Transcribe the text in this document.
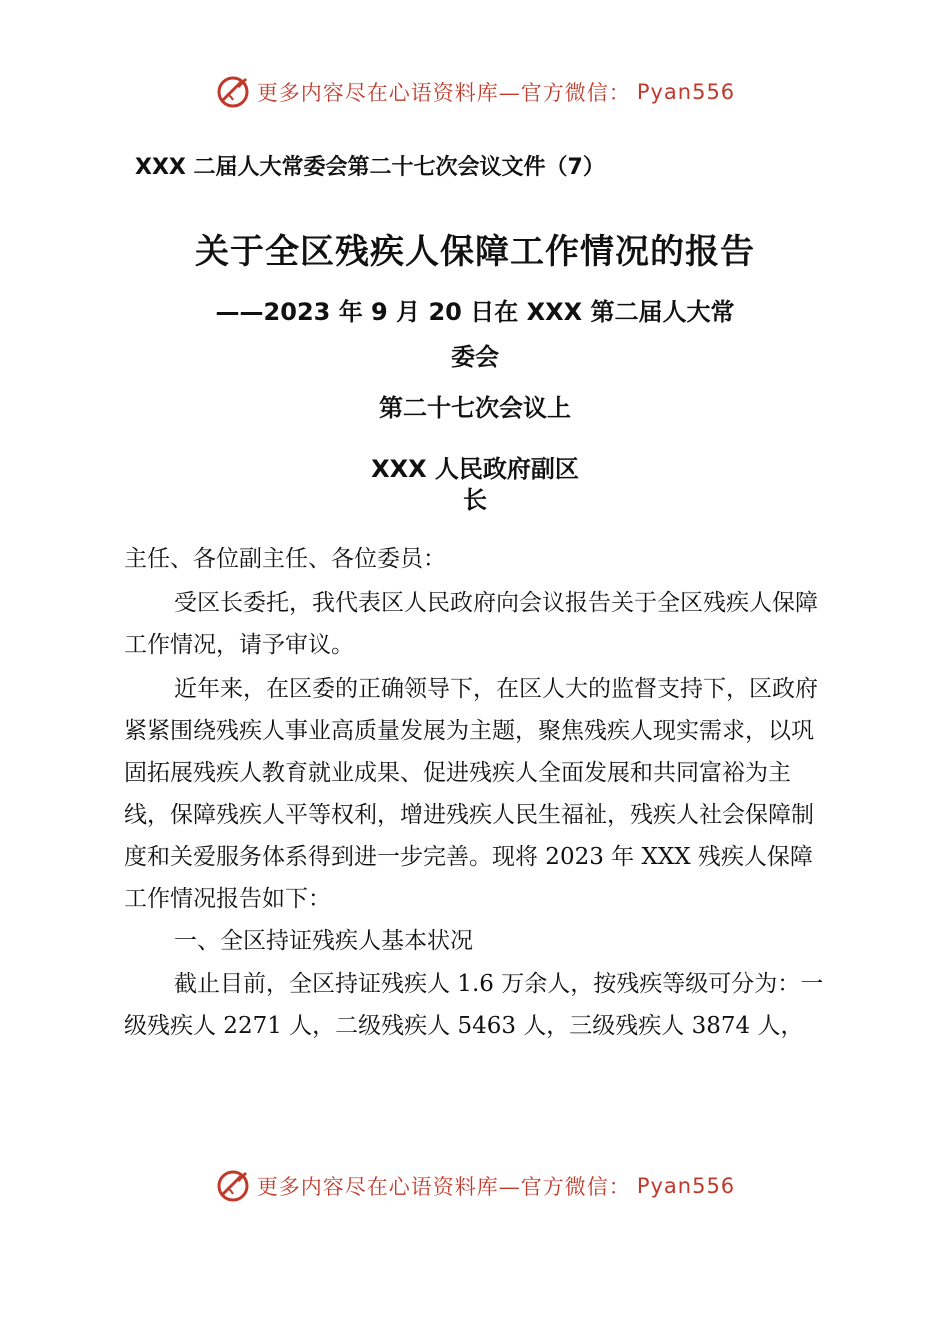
更多内容尽在心语资料库—官方微信： Pyan556
XXX 二届人大常委会第二十七次会议文件（7）
关于全区残疾人保障工作情况的报告
——2023 年 9 月 20 日在 XXX 第二届人大常
委会
第二十七次会议上
XXX 人民政府副区
长
主任、各位副主任、各位委员：

受区长委托，我代表区人民政府向会议报告关于全区残疾人保障工作情况，请予审议。

近年来，在区委的正确领导下，在区人大的监督支持下，区政府紧紧围绕残疾人事业高质量发展为主题，聚焦残疾人现实需求，以巩固拓展残疾人教育就业成果、促进残疾人全面发展和共同富裕为主线，保障残疾人平等权利，增进残疾人民生福祉，残疾人社会保障制度和关爱服务体系得到进一步完善。现将 2023 年 XXX 残疾人保障工作情况报告如下：

一、全区持证残疾人基本状况

截止目前，全区持证残疾人 1.6 万余人，按残疾等级可分为：一级残疾人 2271 人，二级残疾人 5463 人，三级残疾人 3874 人，

更多内容尽在心语资料库—官方微信： Pyan556
